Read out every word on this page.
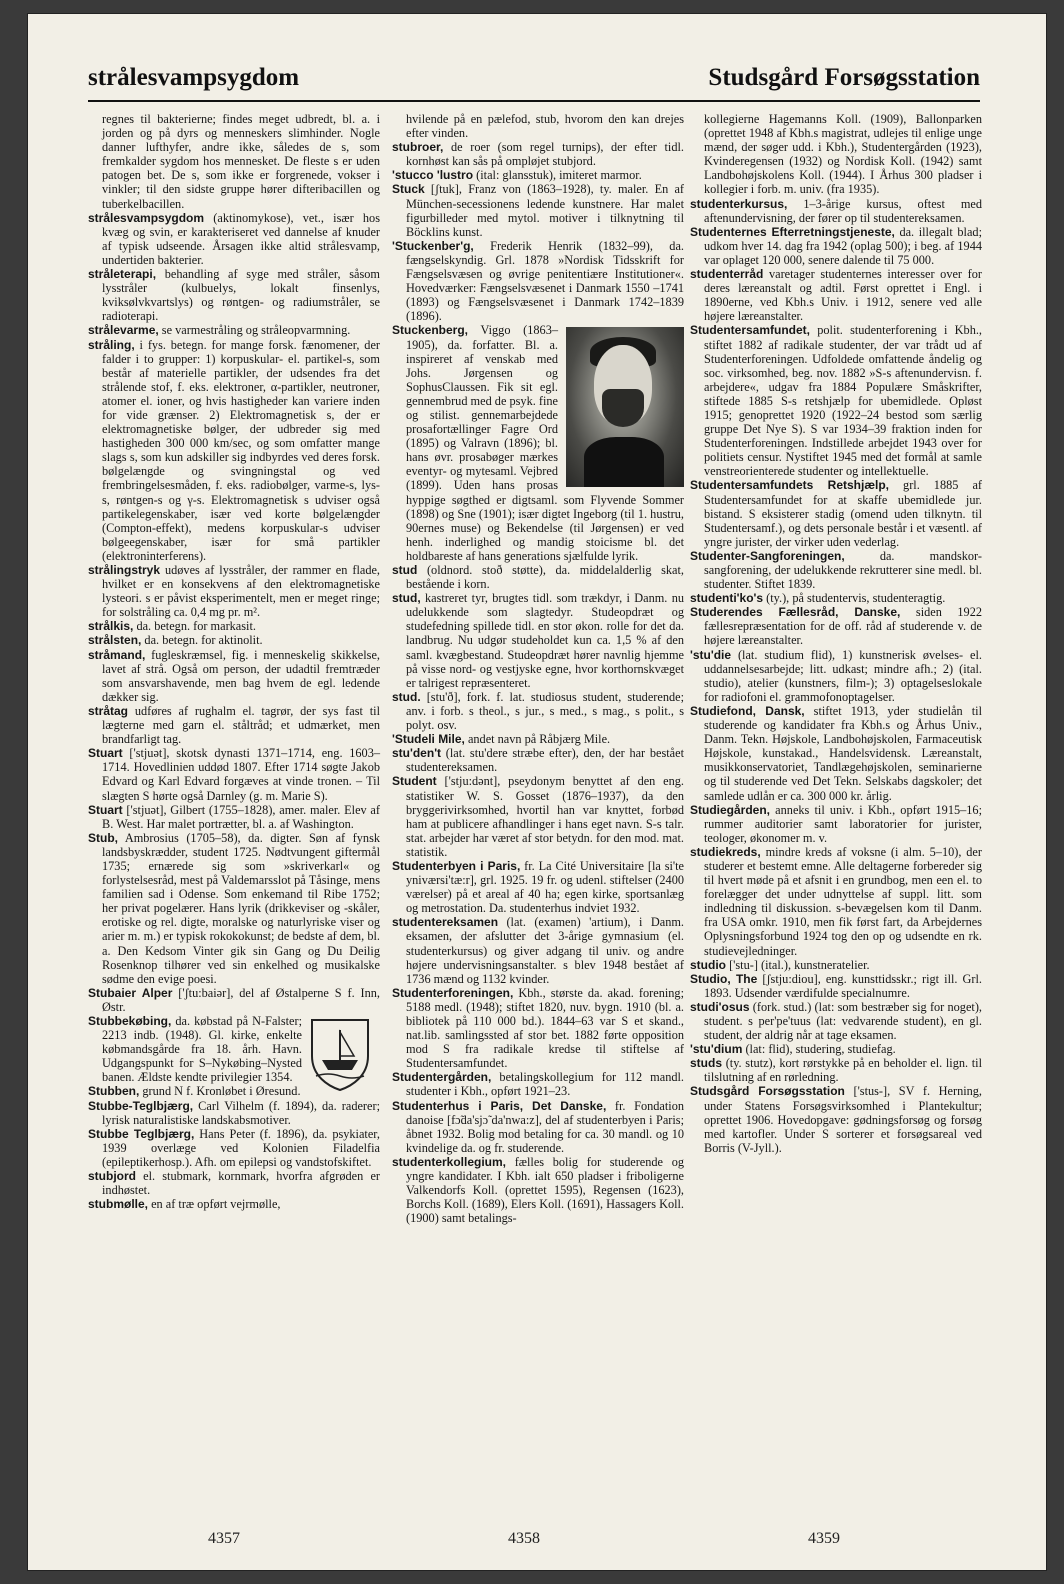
strålesvampsygdom	Studsgård Forsøgsstation
regnes til bakterierne; findes meget udbredt, bl. a. i jorden og på dyrs og menneskers slimhinder. Nogle danner lufthyfer, andre ikke, således de s, som fremkalder sygdom hos mennesket. De fleste s er uden patogen bet. De s, som ikke er forgrenede, vokser i vinkler; til den sidste gruppe hører difteribacillen og tuberkelbacillen.
strålesvampsygdom (aktinomykose), vet., især hos kvæg og svin, er karakteriseret ved dannelse af knuder af typisk udseende. Årsagen ikke altid strålesvamp, undertiden bakterier.
stråleterapi, behandling af syge med stråler, såsom lysstråler (kulbuelys, lokalt finsenlys, kviksølvkvartslys) og røntgen- og radiumstråler, se radioterapi.
strålevarme, se varmestråling og stråleopvarmning.
stråling, i fys. betegn. for mange forsk. fænomener, der falder i to grupper: 1) korpuskular- el. partikel-s, som består af materielle partikler, der udsendes fra det strålende stof, f. eks. elektroner, α-partikler, neutroner, atomer el. ioner, og hvis hastigheder kan variere inden for vide grænser. 2) Elektromagnetisk s, der er elektromagnetiske bølger, der udbreder sig med hastigheden 300 000 km/sec, og som omfatter mange slags s, som kun adskiller sig indbyrdes ved deres forsk. bølgelængde og svingningstal og ved frembringelsesmåden, f. eks. radiobølger, varme-s, lys-s, røntgen-s og γ-s. Elektromagnetisk s udviser også partikelegenskaber, især ved korte bølgelængder (Compton-effekt), medens korpuskular-s udviser bølgeegenskaber, især for små partikler (elektroninterferens).
strålingstryk udøves af lysstråler, der rammer en flade, hvilket er en konsekvens af den elektromagnetiske lysteori. s er påvist eksperimentelt, men er meget ringe; for solstråling ca. 0,4 mg pr. m².
strålkis, da. betegn. for markasit.
strålsten, da. betegn. for aktinolit.
stråmand, fugleskræmsel, fig. i menneskelig skikkelse, lavet af strå. Også om person, der udadtil fremtræder som ansvarshavende, men bag hvem de egl. ledende dækker sig.
stråtag udføres af rughalm el. tagrør, der sys fast til lægterne med garn el. ståltråd; et udmærket, men brandfarligt tag.
Stuart ['stjuət], skotsk dynasti 1371–1714, eng. 1603–1714. Hovedlinien uddød 1807. Efter 1714 søgte Jakob Edvard og Karl Edvard forgæves at vinde tronen. – Til slægten S hørte også Darnley (g. m. Marie S).
Stuart ['stjuət], Gilbert (1755–1828), amer. maler. Elev af B. West. Har malet portrætter, bl. a. af Washington.
Stub, Ambrosius (1705–58), da. digter. Søn af fynsk landsbyskrædder, student 1725. Nødtvungent giftermål 1735; ernærede sig som »skriverkarl« og forlystelsesråd, mest på Valdemarsslot på Tåsinge, mens familien sad i Odense. Som enkemand til Ribe 1752; her privat pogelærer. Hans lyrik (drikkeviser og -skåler, erotiske og rel. digte, moralske og naturlyriske viser og arier m. m.) er typisk rokokokunst; de bedste af dem, bl. a. Den Kedsom Vinter gik sin Gang og Du Deilig Rosenknop tilhører ved sin enkelhed og musikalske sødme den evige poesi.
Stubaier Alper ['ʃtu:baiər], del af Østalperne S f. Inn, Østr.
Stubbekøbing, da. købstad på N-Falster; 2213 indb. (1948). Gl. kirke, enkelte købmandsgårde fra 18. årh. Havn. Udgangspunkt for S–Nykøbing–Nysted banen. Ældste kendte privilegier 1354.
Stubben, grund N f. Kronløbet i Øresund.
Stubbe-Teglbjærg, Carl Vilhelm (f. 1894), da. raderer; lyrisk naturalistiske landskabsmotiver.
Stubbe Teglbjærg, Hans Peter (f. 1896), da. psykiater, 1939 overlæge ved Kolonien Filadelfia (epileptikerhosp.). Afh. om epilepsi og vandstofskiftet.
stubjord el. stubmark, kornmark, hvorfra afgrøden er indhøstet.
stubmølle, en af træ opført vejrmølle,
hvilende på en pælefod, stub, hvorom den kan drejes efter vinden.
stubroer, de roer (som regel turnips), der efter tidl. kornhøst kan sås på ompløjet stubjord.
'stucco 'lustro (ital: glansstuk), imiteret marmor.
Stuck [ʃtuk], Franz von (1863–1928), ty. maler. En af München-secessionens ledende kunstnere. Har malet figurbilleder med mytol. motiver i tilknytning til Böcklins kunst.
'Stuckenber'g, Frederik Henrik (1832–99), da. fængselskyndig. Grl. 1878 »Nordisk Tidsskrift for Fængselsvæsen og øvrige penitentiære Institutioner«. Hovedværker: Fængselsvæsenet i Danmark 1550 –1741 (1893) og Fængselsvæsenet i Danmark 1742–1839 (1896).
Stuckenberg, Viggo (1863–1905), da. forfatter. Bl. a. inspireret af venskab med Johs. Jørgensen og SophusClaussen. Fik sit egl. gennembrud med de psyk. fine og stilist. gennemarbejdede prosafortællinger Fagre Ord (1895) og Valravn (1896); bl. hans øvr. prosabøger mærkes eventyr- og mytesaml. Vejbred (1899). Uden hans prosas hyppige søgthed er digtsaml. som Flyvende Sommer (1898) og Sne (1901); især digtet Ingeborg (til 1. hustru, 90ernes muse) og Bekendelse (til Jørgensen) er ved henh. inderlighed og mandig stoicisme bl. det holdbareste af hans generations sjælfulde lyrik.
stud (oldnord. stoð støtte), da. middelalderlig skat, bestående i korn.
stud, kastreret tyr, brugtes tidl. som trækdyr, i Danm. nu udelukkende som slagtedyr. Studeopdræt og studefedning spillede tidl. en stor økon. rolle for det da. landbrug. Nu udgør studeholdet kun ca. 1,5 % af den saml. kvægbestand. Studeopdræt hører navnlig hjemme på visse nord- og vestjyske egne, hvor korthornskvæget er talrigest repræsenteret.
stud. [stu'ð], fork. f. lat. studiosus student, studerende; anv. i forb. s theol., s jur., s med., s mag., s polit., s polyt. osv.
'Studeli Mile, andet navn på Råbjærg Mile.
stu'den't (lat. stu'dere stræbe efter), den, der har bestået studentereksamen.
Student ['stju:dənt], pseydonym benyttet af den eng. statistiker W. S. Gosset (1876–1937), da den bryggerivirksomhed, hvortil han var knyttet, forbød ham at publicere afhandlinger i hans eget navn. S-s talr. stat. arbejder har været af stor betydn. for den mod. mat. statistik.
Studenterbyen i Paris, fr. La Cité Universitaire [la si'te yniværsi'tæ:r], grl. 1925. 19 fr. og udenl. stiftelser (2400 værelser) på et areal af 40 ha; egen kirke, sportsanlæg og metrostation. Da. studenterhus indviet 1932.
studentereksamen (lat. (examen) 'artium), i Danm. eksamen, der afslutter det 3-årige gymnasium (el. studenterkursus) og giver adgang til univ. og andre højere undervisningsanstalter. s blev 1948 bestået af 1736 mænd og 1132 kvinder.
Studenterforeningen, Kbh., største da. akad. forening; 5188 medl. (1948); stiftet 1820, nuv. bygn. 1910 (bl. a. bibliotek på 110 000 bd.). 1844–63 var S et skand., nat.lib. samlingssted af stor bet. 1882 førte opposition mod S fra radikale kredse til stiftelse af Studentersamfundet.
Studentergården, betalingskollegium for 112 mandl. studenter i Kbh., opført 1921–23.
Studenterhus i Paris, Det Danske, fr. Fondation danoise [fɔ̃da'sjɔ̃ da'nwa:z], del af studenterbyen i Paris; åbnet 1932. Bolig mod betaling for ca. 30 mandl. og 10 kvindelige da. og fr. studerende.
studenterkollegium, fælles bolig for studerende og yngre kandidater. I Kbh. ialt 650 pladser i friboligerne Valkendorfs Koll. (oprettet 1595), Regensen (1623), Borchs Koll. (1689), Elers Koll. (1691), Hassagers Koll. (1900) samt betalings-
kollegierne Hagemanns Koll. (1909), Ballonparken (oprettet 1948 af Kbh.s magistrat, udlejes til enlige unge mænd, der søger udd. i Kbh.), Studentergården (1923), Kvinderegensen (1932) og Nordisk Koll. (1942) samt Landbohøjskolens Koll. (1944). I Århus 300 pladser i kollegier i forb. m. univ. (fra 1935).
studenterkursus, 1–3-årige kursus, oftest med aftenundervisning, der fører op til studentereksamen.
Studenternes Efterretningstjeneste, da. illegalt blad; udkom hver 14. dag fra 1942 (oplag 500); i beg. af 1944 var oplaget 120 000, senere dalende til 75 000.
studenterråd varetager studenternes interesser over for deres læreanstalt og adtil. Først oprettet i Engl. i 1890erne, ved Kbh.s Univ. i 1912, senere ved alle højere læreanstalter.
Studentersamfundet, polit. studenterforening i Kbh., stiftet 1882 af radikale studenter, der var trådt ud af Studenterforeningen. Udfoldede omfattende åndelig og soc. virksomhed, beg. nov. 1882 »S-s aftenundervisn. f. arbejdere«, udgav fra 1884 Populære Småskrifter, stiftede 1885 S-s retshjælp for ubemidlede. Opløst 1915; genoprettet 1920 (1922–24 bestod som særlig gruppe Det Nye S). S var 1934–39 fraktion inden for Studenterforeningen. Indstillede arbejdet 1943 over for politiets censur. Nystiftet 1945 med det formål at samle venstreorienterede studenter og intellektuelle.
Studentersamfundets Retshjælp, grl. 1885 af Studentersamfundet for at skaffe ubemidlede jur. bistand. S eksisterer stadig (omend uden tilknytn. til Studentersamf.), og dets personale består i et væsentl. af yngre jurister, der virker uden vederlag.
Studenter-Sangforeningen, da. mandskor-sangforening, der udelukkende rekrutterer sine medl. bl. studenter. Stiftet 1839.
studenti'ko's (ty.), på studentervis, studenteragtig.
Studerendes Fællesråd, Danske, siden 1922 fællesrepræsentation for de off. råd af studerende v. de højere læreanstalter.
'stu'die (lat. studium flid), 1) kunstnerisk øvelses- el. uddannelsesarbejde; litt. udkast; mindre afh.; 2) (ital. studio), atelier (kunstners, film-); 3) optagelseslokale for radiofoni el. grammofonoptagelser.
Studiefond, Dansk, stiftet 1913, yder studielån til studerende og kandidater fra Kbh.s og Århus Univ., Danm. Tekn. Højskole, Landbohøjskolen, Farmaceutisk Højskole, kunstakad., Handelsvidensk. Læreanstalt, musikkonservatoriet, Tandlægehøjskolen, seminarierne og til studerende ved Det Tekn. Selskabs dagskoler; det samlede udlån er ca. 300 000 kr. årlig.
Studiegården, anneks til univ. i Kbh., opført 1915–16; rummer auditorier samt laboratorier for jurister, teologer, økonomer m. v.
studiekreds, mindre kreds af voksne (i alm. 5–10), der studerer et bestemt emne. Alle deltagerne forbereder sig til hvert møde på et afsnit i en grundbog, men een el. to forelægger det under udnyttelse af suppl. litt. som indledning til diskussion. s-bevægelsen kom til Danm. fra USA omkr. 1910, men fik først fart, da Arbejdernes Oplysningsforbund 1924 tog den op og udsendte en rk. studievejledninger.
studio ['stu-] (ital.), kunstneratelier.
Studio, The [ʃstju:diou], eng. kunsttidsskr.; rigt ill. Grl. 1893. Udsender værdifulde specialnumre.
studi'osus (fork. stud.) (lat: som bestræber sig for noget), student. s per'pe'tuus (lat: vedvarende student), en gl. student, der aldrig når at tage eksamen.
'stu'dium (lat: flid), studering, studiefag.
studs (ty. stutz), kort rørstykke på en beholder el. lign. til tilslutning af en rørledning.
Studsgård Forsøgsstation ['stus-], SV f. Herning, under Statens Forsøgsvirksomhed i Plantekultur; oprettet 1906. Hovedopgave: gødningsforsøg og forsøg med kartofler. Under S sorterer et forsøgsareal ved Borris (V-Jyll.).
4357	4358	4359
